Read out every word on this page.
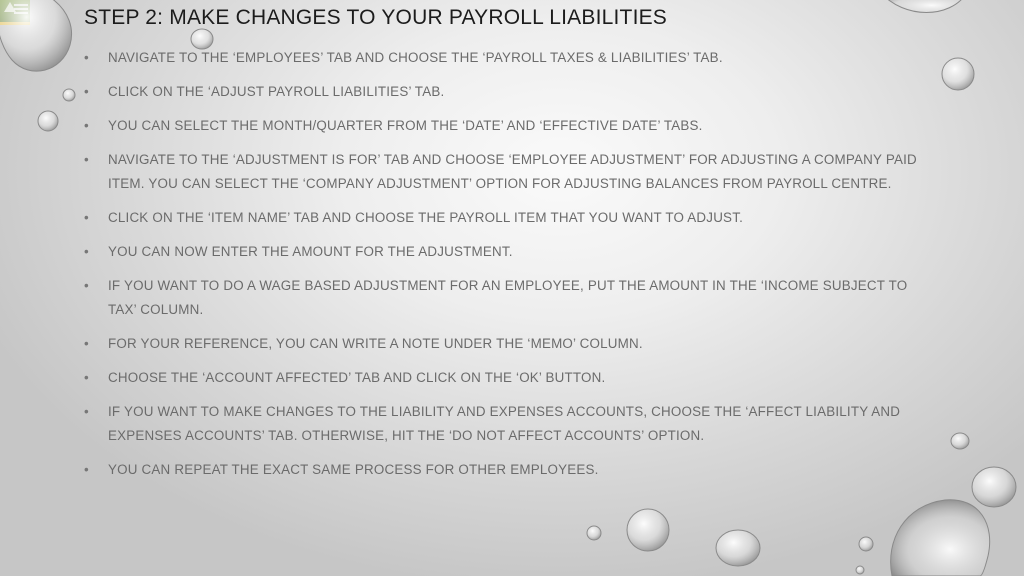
STEP 2: MAKE CHANGES TO YOUR PAYROLL LIABILITIES
• NAVIGATE TO THE ‘EMPLOYEES’ TAB AND CHOOSE THE ‘PAYROLL TAXES & LIABILITIES’ TAB.
• CLICK ON THE ‘ADJUST PAYROLL LIABILITIES’ TAB.
• YOU CAN SELECT THE MONTH/QUARTER FROM THE ‘DATE’ AND ‘EFFECTIVE DATE’ TABS.
• NAVIGATE TO THE ‘ADJUSTMENT IS FOR’ TAB AND CHOOSE ‘EMPLOYEE ADJUSTMENT’ FOR ADJUSTING A COMPANY PAID ITEM. YOU CAN SELECT THE ‘COMPANY ADJUSTMENT’ OPTION FOR ADJUSTING BALANCES FROM PAYROLL CENTRE.
• CLICK ON THE ‘ITEM NAME’ TAB AND CHOOSE THE PAYROLL ITEM THAT YOU WANT TO ADJUST.
• YOU CAN NOW ENTER THE AMOUNT FOR THE ADJUSTMENT.
• IF YOU WANT TO DO A WAGE BASED ADJUSTMENT FOR AN EMPLOYEE, PUT THE AMOUNT IN THE ‘INCOME SUBJECT TO TAX’ COLUMN.
• FOR YOUR REFERENCE, YOU CAN WRITE A NOTE UNDER THE ‘MEMO’ COLUMN.
• CHOOSE THE ‘ACCOUNT AFFECTED’ TAB AND CLICK ON THE ‘OK’ BUTTON.
• IF YOU WANT TO MAKE CHANGES TO THE LIABILITY AND EXPENSES ACCOUNTS, CHOOSE THE ‘AFFECT LIABILITY AND EXPENSES ACCOUNTS’ TAB. OTHERWISE, HIT THE ‘DO NOT AFFECT ACCOUNTS’ OPTION.
• YOU CAN REPEAT THE EXACT SAME PROCESS FOR OTHER EMPLOYEES.
